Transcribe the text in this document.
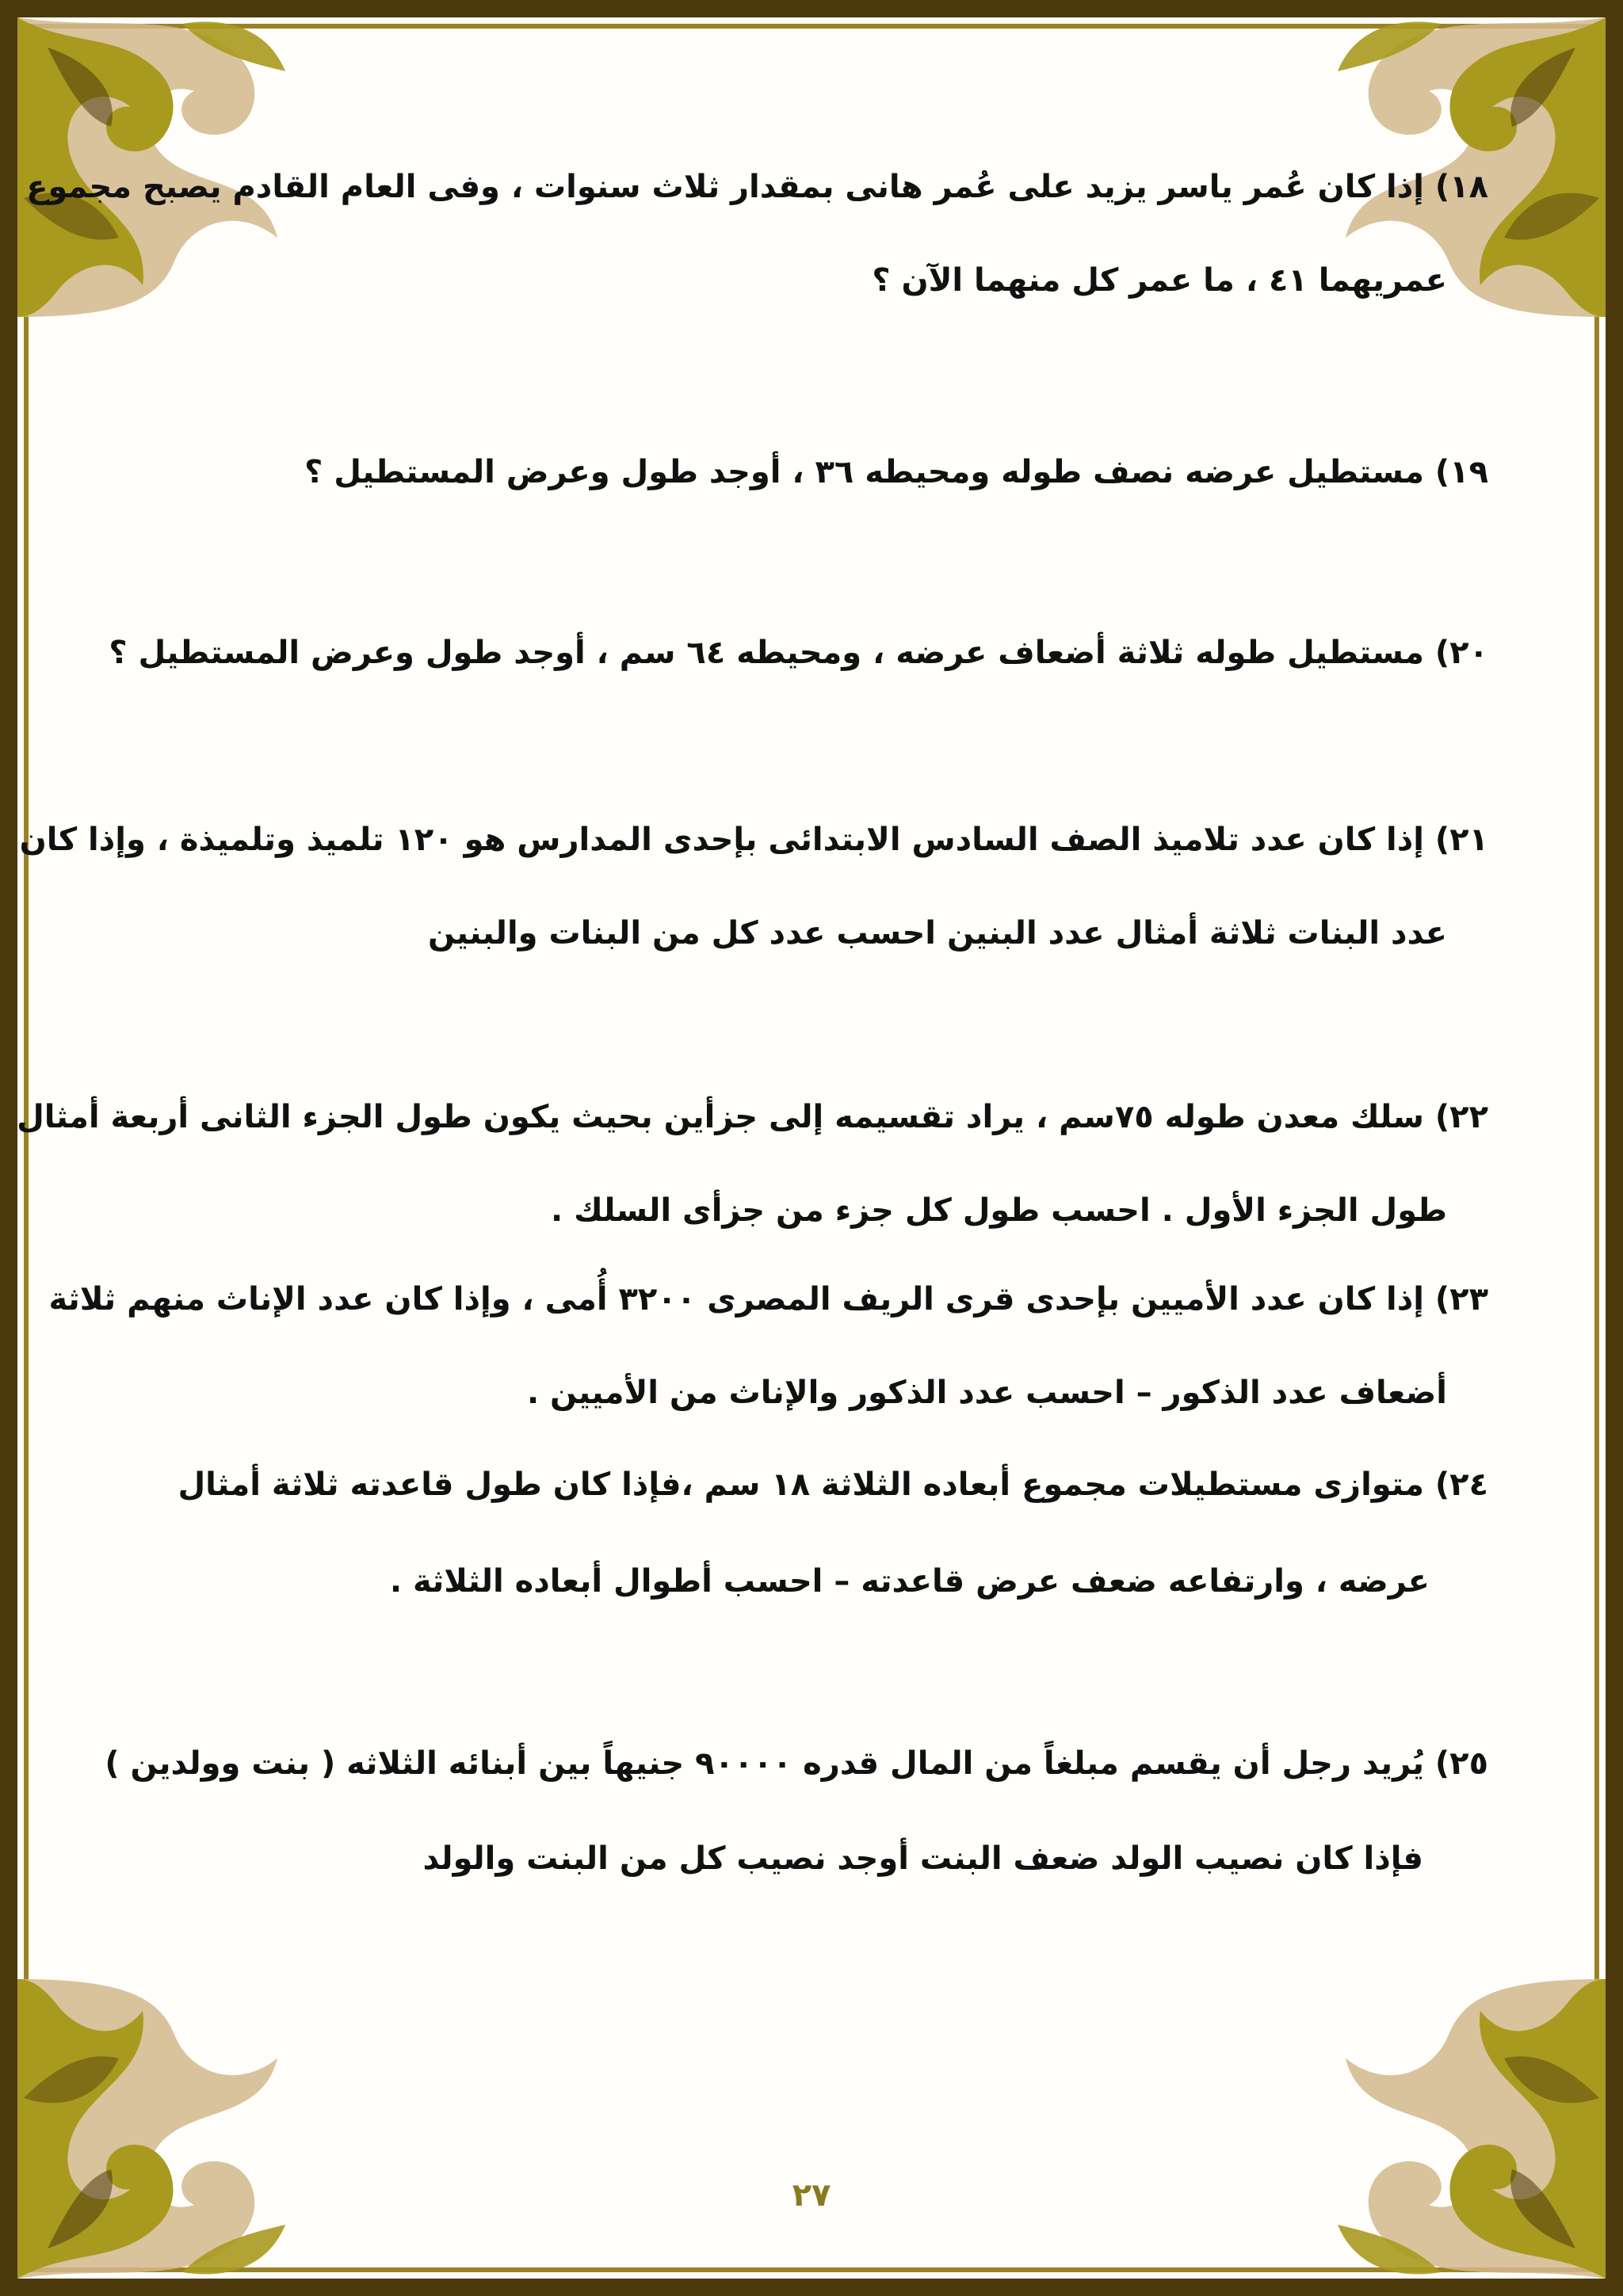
١٨) إذا كان عُمر ياسر يزيد على عُمر هانى بمقدار ثلاث سنوات ، وفى العام القادم يصبح مجموع
عمريهما ٤١ ، ما عمر كل منهما الآن ؟
١٩) مستطيل عرضه نصف طوله ومحيطه ٣٦ ، أوجد طول وعرض المستطيل ؟
٢٠) مستطيل طوله ثلاثة أضعاف عرضه ، ومحيطه ٦٤ سم ، أوجد طول وعرض المستطيل ؟
٢١) إذا كان عدد تلاميذ الصف السادس الابتدائى بإحدى المدارس هو ١٢٠ تلميذ وتلميذة ، وإذا كان
عدد البنات ثلاثة أمثال عدد البنين احسب عدد كل من البنات والبنين
٢٢) سلك معدن طوله ٧٥سم ، يراد تقسيمه إلى جزأين بحيث يكون طول الجزء الثانى أربعة أمثال
طول الجزء الأول . احسب طول كل جزء من جزأى السلك .
٢٣) إذا كان عدد الأميين بإحدى قرى الريف المصرى ٣٢٠٠ أُمى ، وإذا كان عدد الإناث منهم ثلاثة
أضعاف عدد الذكور – احسب عدد الذكور والإناث من الأميين .
٢٤) متوازى مستطيلات مجموع أبعاده الثلاثة ١٨ سم ،فإذا كان طول قاعدته ثلاثة أمثال
عرضه ، وارتفاعه ضعف عرض قاعدته – احسب أطوال أبعاده الثلاثة .
٢٥) يُريد رجل أن يقسم مبلغاً من المال قدره ٩٠٠٠٠ جنيهاً بين أبنائه الثلاثه ( بنت وولدين )
فإذا كان نصيب الولد ضعف البنت أوجد نصيب كل من البنت والولد
٢٧
